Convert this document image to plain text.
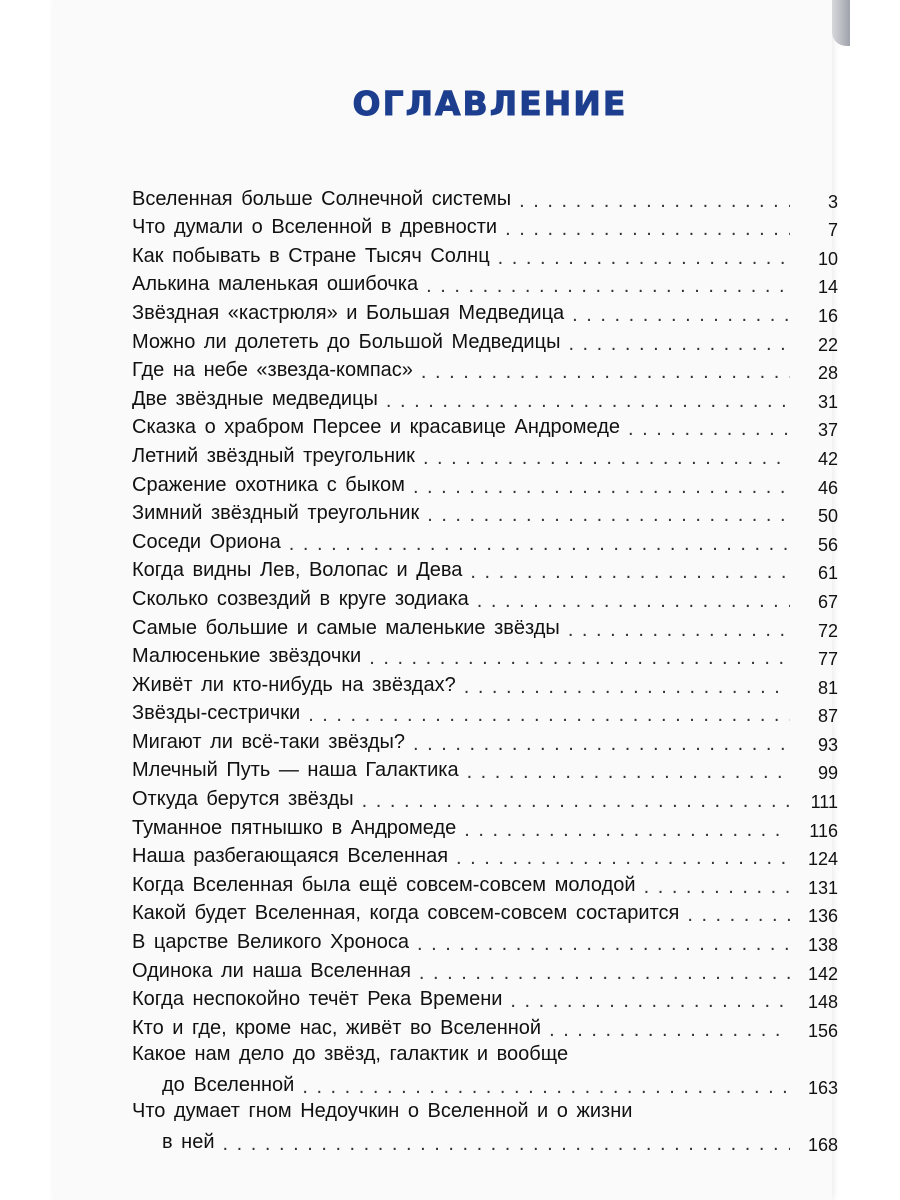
ОГЛАВЛЕНИЕ
Вселенная больше Солнечной системы . . .	3
Что думали о Вселенной в древности . . .	7
Как побывать в Стране Тысяч Солнц . . .	10
Алькина маленькая ошибочка . . .	14
Звёздная «кастрюля» и Большая Медведица . . .	16
Можно ли долететь до Большой Медведицы . . .	22
Где на небе «звезда-компас» . . .	28
Две звёздные медведицы . . .	31
Сказка о храбром Персее и красавице Андромеде . . .	37
Летний звёздный треугольник . . .	42
Сражение охотника с быком . . .	46
Зимний звёздный треугольник . . .	50
Соседи Ориона . . .	56
Когда видны Лев, Волопас и Дева . . .	61
Сколько созвездий в круге зодиака . . .	67
Самые большие и самые маленькие звёзды . . .	72
Малюсенькие звёздочки . . .	77
Живёт ли кто-нибудь на звёздах? . . .	81
Звёзды-сестрички . . .	87
Мигают ли всё-таки звёзды? . . .	93
Млечный Путь — наша Галактика . . .	99
Откуда берутся звёзды . . .	111
Туманное пятнышко в Андромеде . . .	116
Наша разбегающаяся Вселенная . . .	124
Когда Вселенная была ещё совсем-совсем молодой . . .	131
Какой будет Вселенная, когда совсем-совсем состарится . . .	136
В царстве Великого Хроноса . . .	138
Одинока ли наша Вселенная . . .	142
Когда неспокойно течёт Река Времени . . .	148
Кто и где, кроме нас, живёт во Вселенной . . .	156
Какое нам дело до звёзд, галактик и вообще
до Вселенной . . .	163
Что думает гном Недоучкин о Вселенной и о жизни
в ней . . .	168
